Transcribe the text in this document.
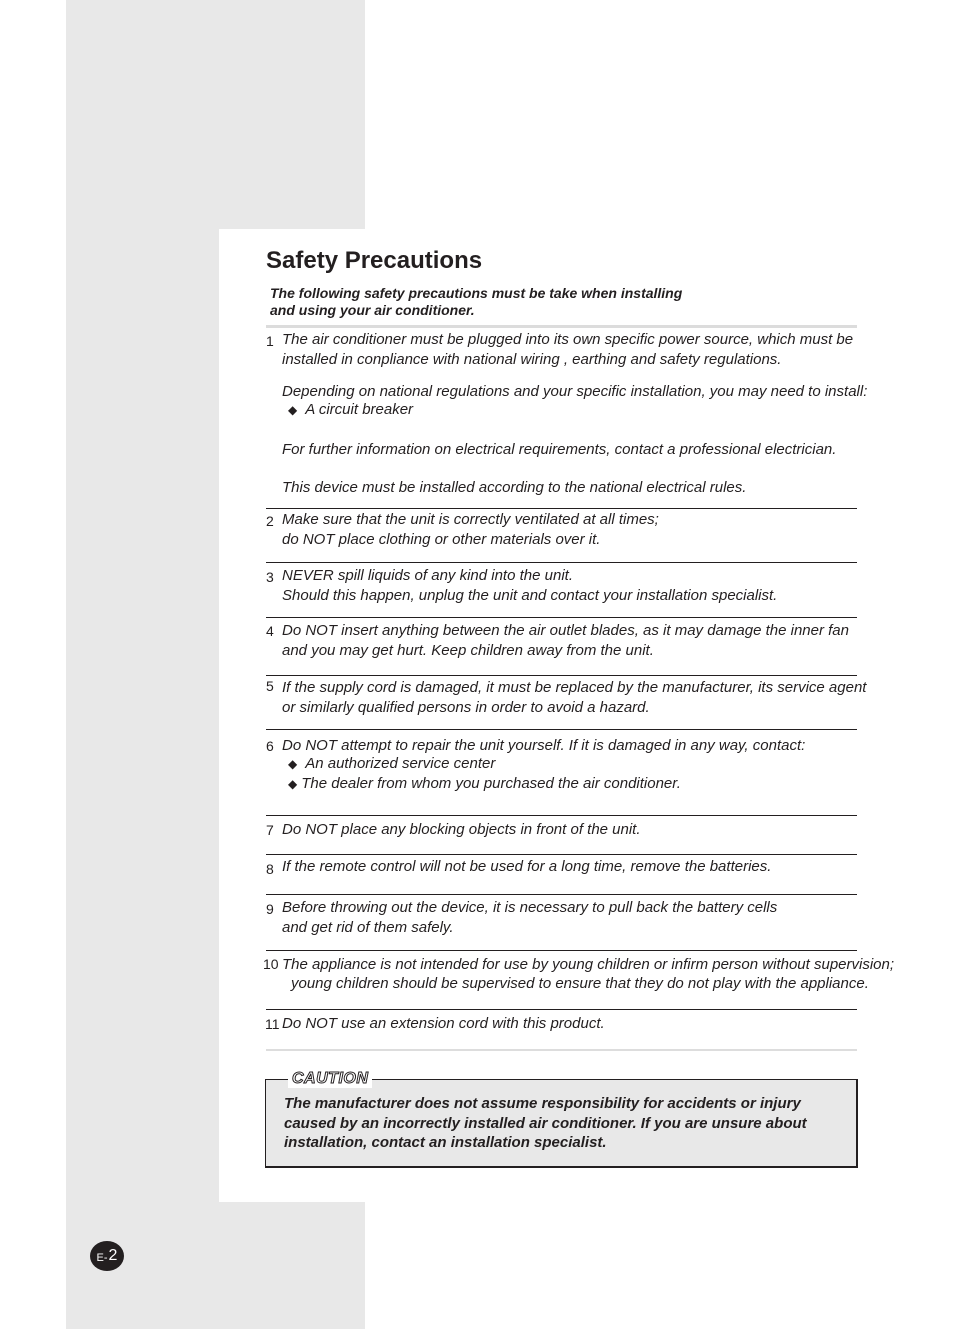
Safety Precautions
The following safety precautions must be take when installing
and using your air conditioner.
1 The air conditioner must be plugged into its own specific power source, which must be
installed in conpliance with national wiring , earthing and safety regulations.
Depending on national regulations and your specific installation, you may need to install:
◆ A circuit breaker
For further information on electrical requirements, contact a professional electrician.
This device must be installed according to the national electrical rules.
2 Make sure that the unit is correctly ventilated at all times;
do NOT place clothing or other materials over it.
3 NEVER spill liquids of any kind into the unit.
Should this happen, unplug the unit and contact your installation specialist.
4 Do NOT insert anything between the air outlet blades, as it may damage the inner fan
and you may get hurt. Keep children away from the unit.
5 If the supply cord is damaged, it must be replaced by the manufacturer, its service agent
or similarly qualified persons in order to avoid a hazard.
6 Do NOT attempt to repair the unit yourself. If it is damaged in any way, contact:
◆ An authorized service center
◆ The dealer from whom you purchased the air conditioner.
7 Do NOT place any blocking objects in front of the unit.
8 If the remote control will not be used for a long time, remove the batteries.
9 Before throwing out the device, it is necessary to pull back the battery cells
and get rid of them safely.
10 The appliance is not intended for use by young children or infirm person without supervision;
young children should be supervised to ensure that they do not play with the appliance.
11 Do NOT use an extension cord with this product.
CAUTION
The manufacturer does not assume responsibility for accidents or injury
caused by an incorrectly installed air conditioner. If you are unsure about
installation, contact an installation specialist.
E- 2
